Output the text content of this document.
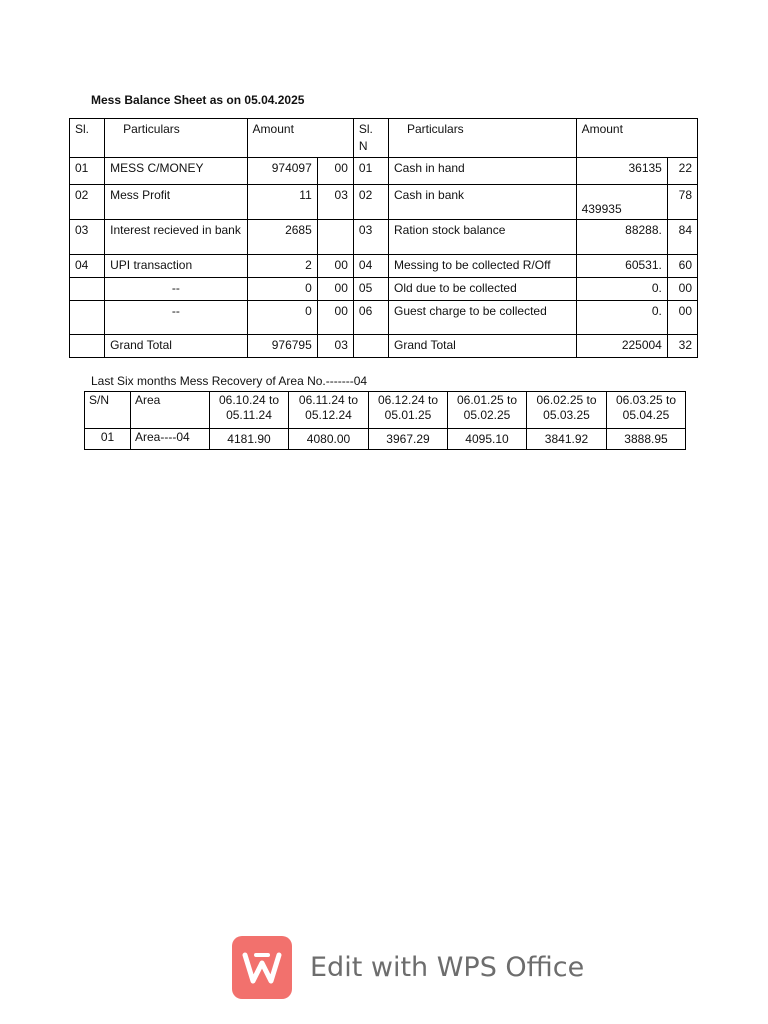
Mess Balance Sheet as on 05.04.2025
Sl.	Particulars	Amount		Sl. N	Particulars	Amount	
01	MESS C/MONEY	974097	00	01	Cash in hand	36135	22
02	Mess Profit	11	03	02	Cash in bank	439935	78
03	Interest recieved in bank	2685		03	Ration stock balance	88288.	84
04	UPI transaction	2	00	04	Messing to be collected R/Off	60531.	60
	--	0	00	05	Old due to be collected	0.	00
	--	0	00	06	Guest charge to be collected	0.	00
	Grand Total	976795	03		Grand Total	225004	32
Last Six months Mess Recovery of Area No.-------04
S/N	Area	06.10.24 to 05.11.24	06.11.24 to 05.12.24	06.12.24 to 05.01.25	06.01.25 to 05.02.25	06.02.25 to 05.03.25	06.03.25 to 05.04.25
01	Area----04	4181.90	4080.00	3967.29	4095.10	3841.92	3888.95
Edit with WPS Office
